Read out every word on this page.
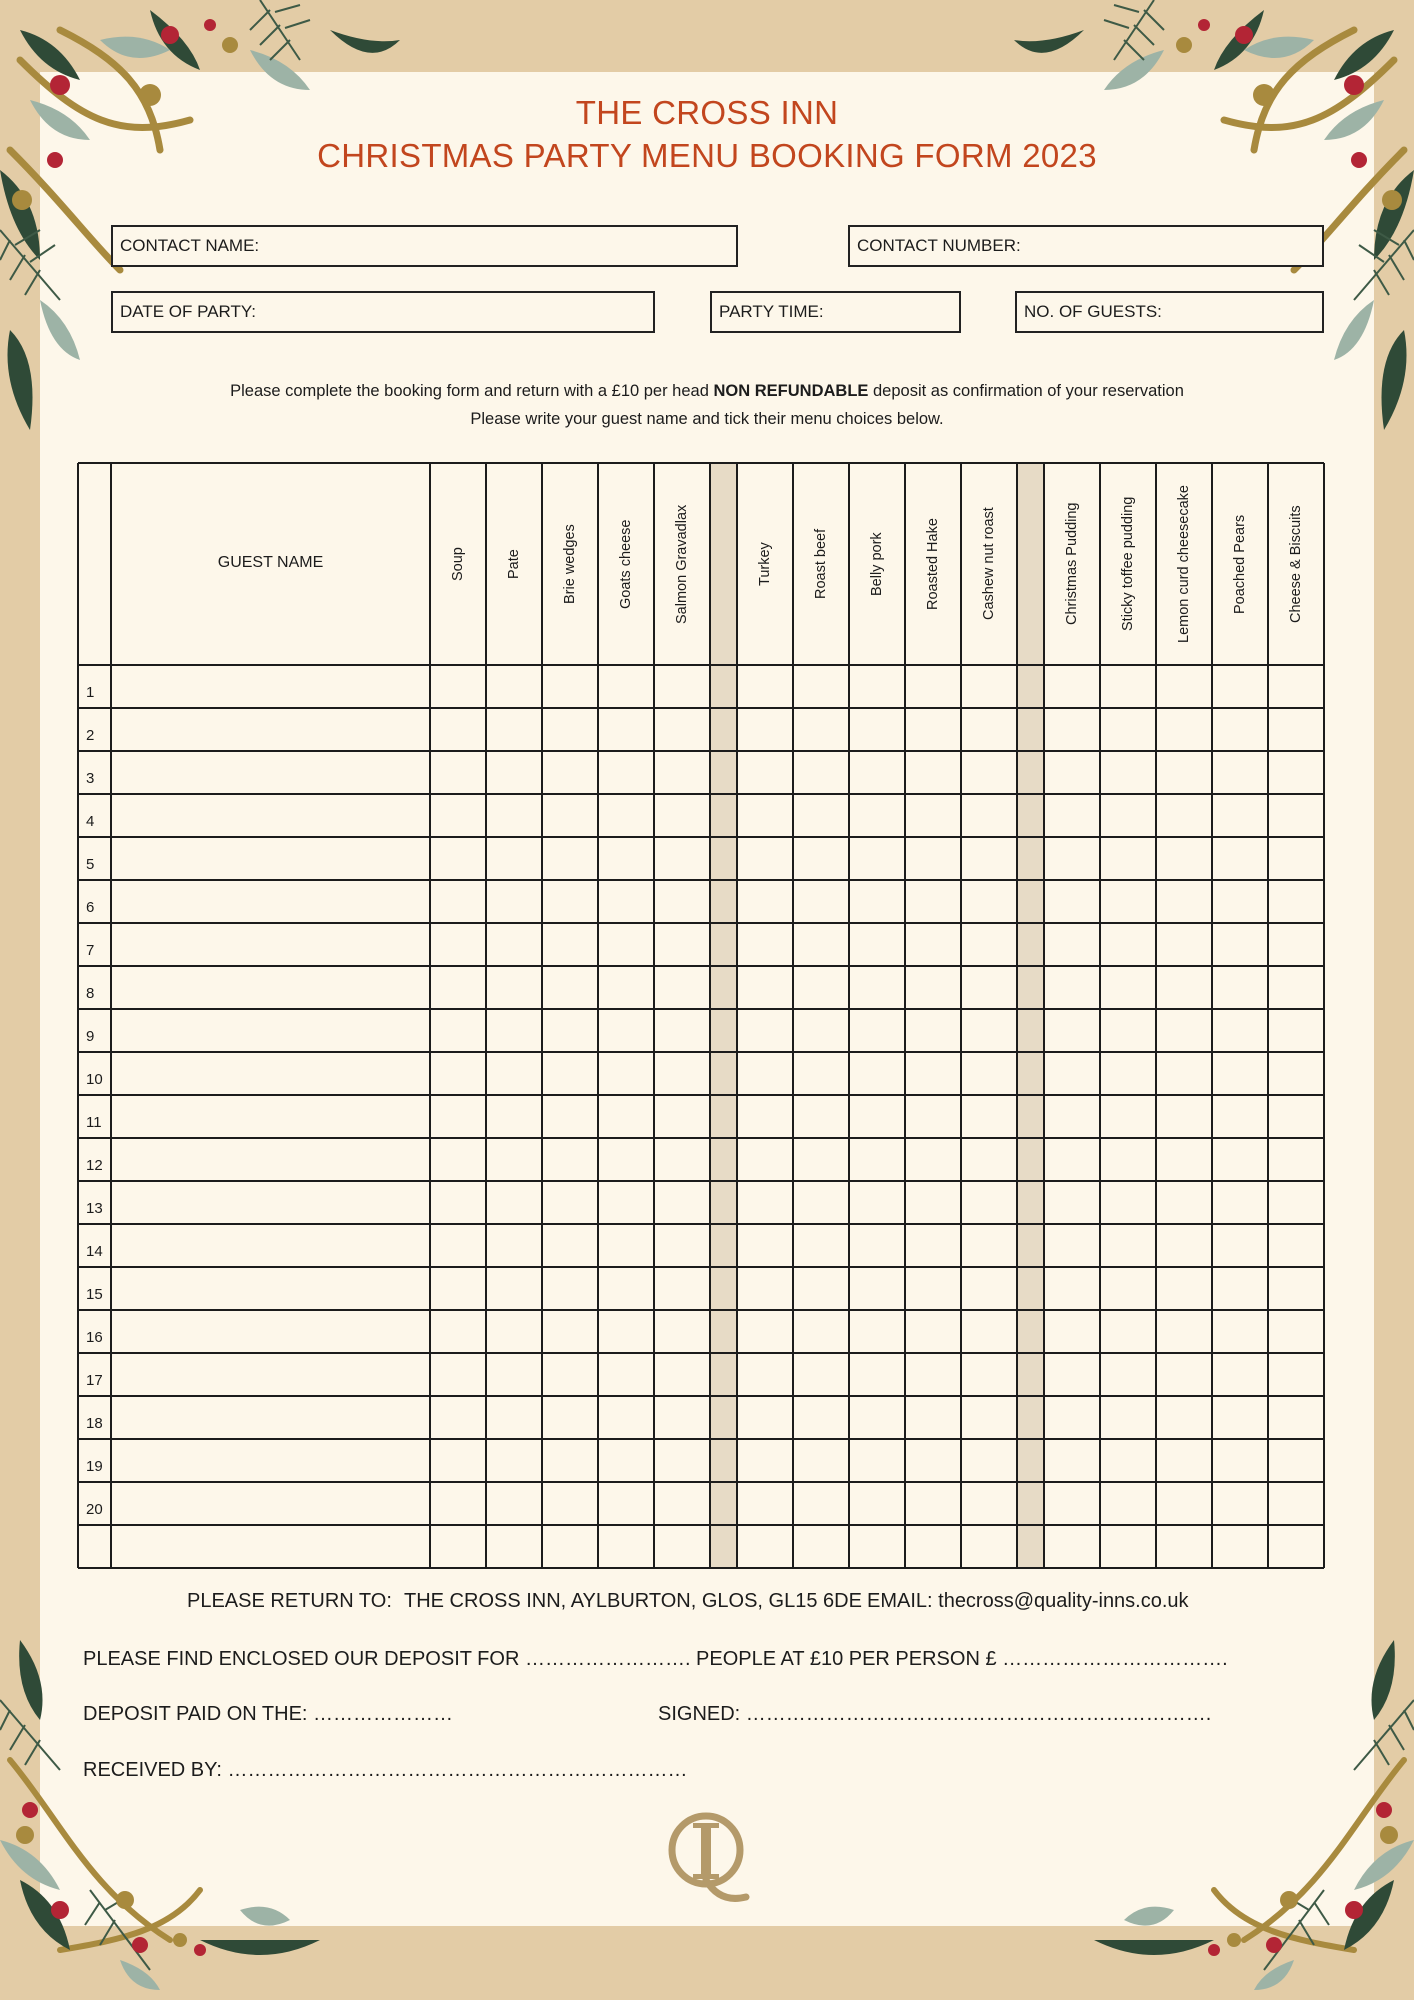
THE CROSS INN
CHRISTMAS PARTY MENU BOOKING FORM 2023
CONTACT NAME:	CONTACT NUMBER:
DATE OF PARTY:	PARTY TIME:	NO. OF GUESTS:
Please complete the booking form and return with a £10 per head NON REFUNDABLE deposit as confirmation of your reservation
Please write your guest name and tick their menu choices below.
GUEST NAME	Soup	Pate	Brie wedges	Goats cheese	Salmon Gravadlax	Turkey	Roast beef	Belly pork	Roasted Hake	Cashew nut roast	Christmas Pudding	Sticky toffee pudding	Lemon curd cheesecake	Poached Pears	Cheese & Biscuits
1
2
3
4
5
6
7
8
9
10
11
12
13
14
15
16
17
18
19
20
PLEASE RETURN TO: THE CROSS INN, AYLBURTON, GLOS, GL15 6DE EMAIL: thecross@quality-inns.co.uk
PLEASE FIND ENCLOSED OUR DEPOSIT FOR ……………………. PEOPLE AT £10 PER PERSON £ …………………………….
DEPOSIT PAID ON THE: …………………	SIGNED: …………………………………………………………….
RECEIVED BY: ……………………………………………………………
